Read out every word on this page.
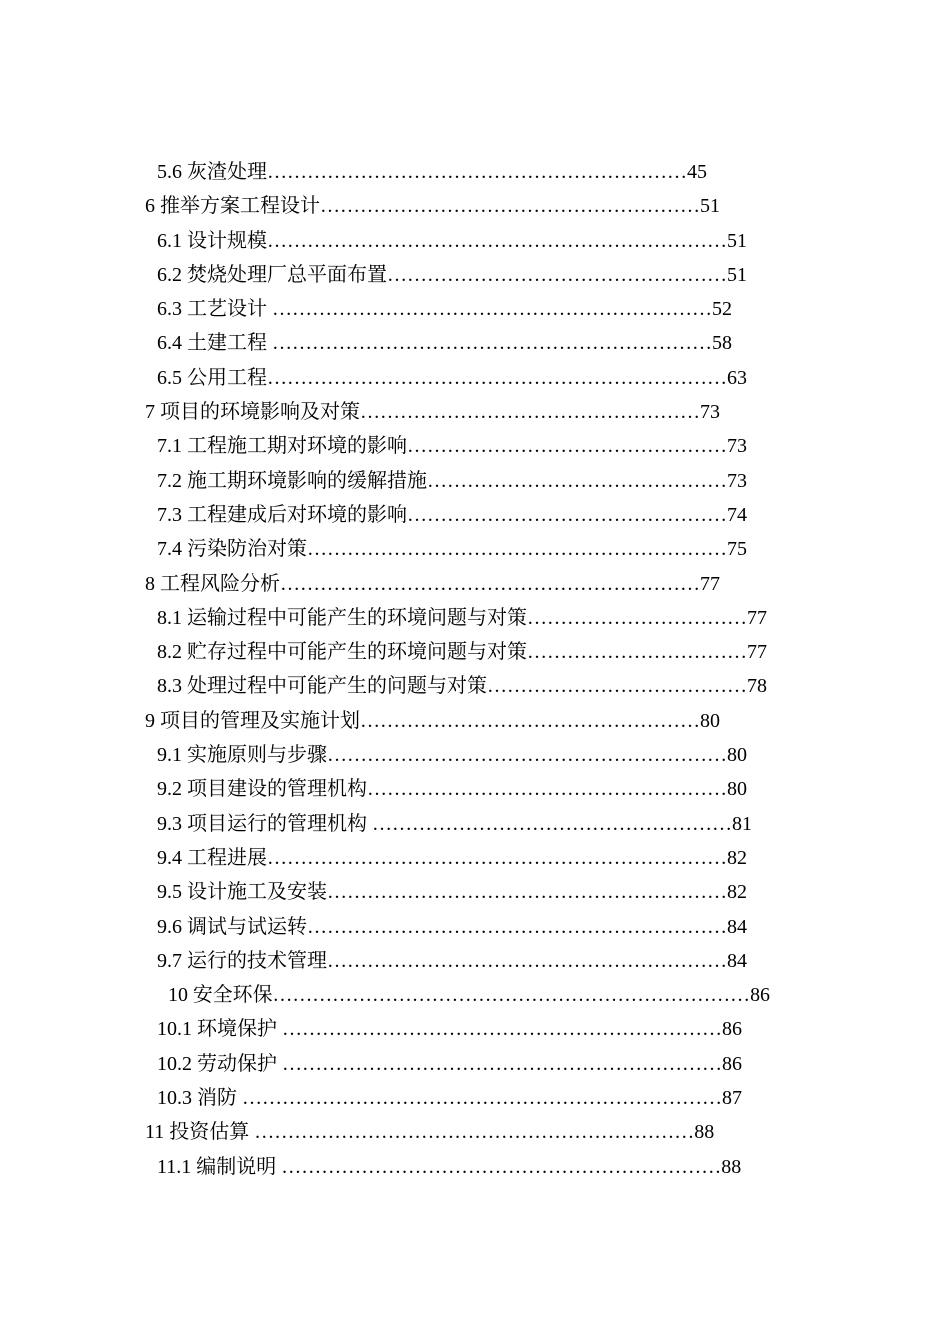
5.6 灰渣处理………………………………………………………45
6 推举方案工程设计…………………………………………………51
6.1 设计规模……………………………………………………………51
6.2 焚烧处理厂总平面布置……………………………………………51
6.3 工艺设计 …………………………………………………………52
6.4 土建工程 …………………………………………………………58
6.5 公用工程……………………………………………………………63
7 项目的环境影响及对策……………………………………………73
7.1 工程施工期对环境的影响…………………………………………73
7.2 施工期环境影响的缓解措施………………………………………73
7.3 工程建成后对环境的影响…………………………………………74
7.4 污染防治对策………………………………………………………75
8 工程风险分析………………………………………………………77
8.1 运输过程中可能产生的环境问题与对策……………………………77
8.2 贮存过程中可能产生的环境问题与对策……………………………77
8.3 处理过程中可能产生的问题与对策…………………………………78
9 项目的管理及实施计划……………………………………………80
9.1 实施原则与步骤……………………………………………………80
9.2 项目建设的管理机构………………………………………………80
9.3 项目运行的管理机构 ………………………………………………81
9.4 工程进展……………………………………………………………82
9.5 设计施工及安装……………………………………………………82
9.6 调试与试运转………………………………………………………84
9.7 运行的技术管理……………………………………………………84
10 安全环保………………………………………………………………86
10.1 环境保护 …………………………………………………………86
10.2 劳动保护 …………………………………………………………86
10.3 消防 ………………………………………………………………87
11 投资估算 …………………………………………………………88
11.1 编制说明 …………………………………………………………88
